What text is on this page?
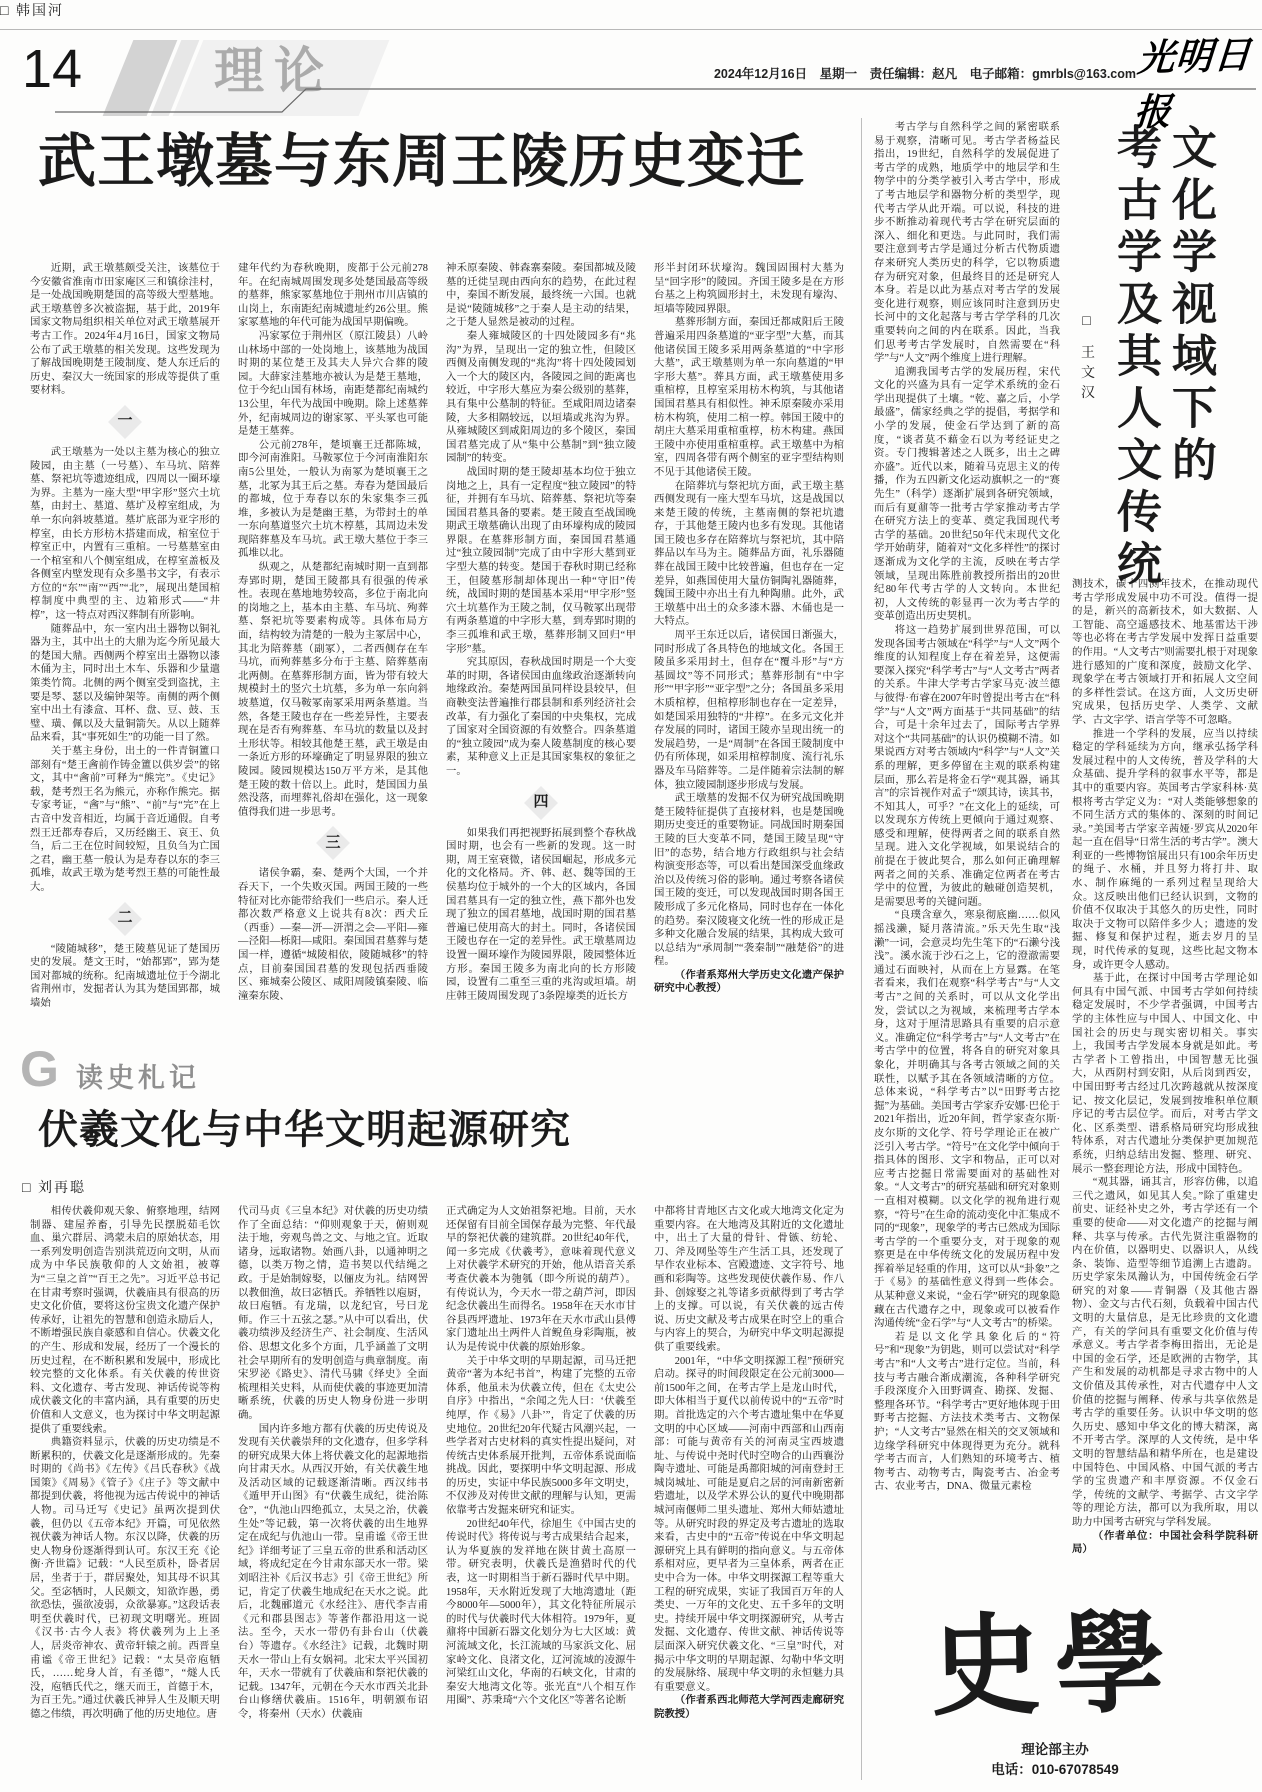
14	理论	2024年12月16日　星期一　责任编辑：赵凡　电子邮箱：gmrbls@163.com 光明日报
武王墩墓与东周王陵历史变迁
□ 韩国河

近期，武王墩墓颇受关注，该墓位于今安徽省淮南市田家庵区三和镇徐洼村，是一处战国晚期楚国的高等级大型墓地。武王墩墓曾多次被盗掘，基于此，2019年国家文物局组织相关单位对武王墩墓展开考古工作。2024年4月16日，国家文物局公布了武王墩墓的相关发现。这些发现为了解战国晚期楚王陵制度、楚人东迁后的历史、秦汉大一统国家的形成等提供了重要材料。

一

武王墩墓为一处以主墓为核心的独立陵园，由主墓（一号墓）、车马坑、陪葬墓、祭祀坑等遗迹组成，四周以一圈环壕为界。主墓为一座大型“甲字形”竖穴土坑墓，由封土、墓道、墓圹及椁室组成，为单一东向斜坡墓道。墓圹底部为亚字形的椁室，由长方形枋木搭建而成，棺室位于椁室正中，内置有三重棺。一号墓墓室由一个棺室和八个侧室组成，在椁室盖板及各侧室内壁发现有众多墨书文字，有表示方位的“东”“南”“西”“北”，展现出楚国棺椁制度中典型的主、边箱形式——“井椁”，这一特点对西汉葬制有所影响。

随葬品中，东一室内出土器物以铜礼器为主，其中出土的大鼎为迄今所见最大的楚国大鼎。西侧两个椁室出土器物以漆木俑为主，同时出土木车、乐器和少量遣策类竹简。北侧的两个侧室受到盗扰，主要是琴、瑟以及编钟架等。南侧的两个侧室中出土有漆盒、耳杯、盘、豆、鼓、玉璧、璜、佩以及大量铜箭矢。从以上随葬品来看，其“事死如生”的功能一目了然。

关于墓主身份，出土的一件青铜簠口部刻有“楚王酓前作铸金簠以供岁尝”的铭文，其中“酓前”可释为“熊完”。《史记》载，楚考烈王名为熊元，亦称作熊完。据专家考证，“酓”与“熊”、“前”与“完”在上古音中发音相近，均属于音近通假。自考烈王迁都寿春后，又历经幽王、哀王、负刍，后二王在位时间较短，且负刍为亡国之君，幽王墓一般认为是寿春以东的李三孤堆，故武王墩为楚考烈王墓的可能性最大。

二

“陵随城移”，楚王陵墓见证了楚国历史的发展。楚文王时，“始都郢”，郢为楚国对都城的统称。纪南城遗址位于今湖北省荆州市，发掘者认为其为楚国郢都，城墙始

建年代约为春秋晚期，废都于公元前278年。在纪南城周围发现多处楚国最高等级的墓葬，熊家冢墓地位于荆州市川店镇的山岗上，东南距纪南城遗址约26公里。熊家冢墓地的年代可能为战国早期偏晚。

冯家冢位于荆州区（原江陵县）八岭山林场中部的一处岗地上，该墓地为战国时期的某位楚王及其夫人异穴合葬的陵园。大薛家洼墓地亦被认为是楚王墓地，位于今纪山国有林场，南距楚都纪南城约13公里，年代为战国中晚期。除上述墓葬外，纪南城周边的谢家冢、平头冢也可能是楚王墓葬。

公元前278年，楚顷襄王迁都陈城，即今河南淮阳。马鞍冢位于今河南淮阳东南5公里处，一般认为南冢为楚顷襄王之墓，北冢为其王后之墓。寿春为楚国最后的都城，位于寿春以东的朱家集李三孤堆，多被认为是楚幽王墓，为带封土的单一东向墓道竖穴土坑木椁墓，其周边未发现陪葬墓及车马坑。武王墩大墓位于李三孤堆以北。

纵观之，从楚都纪南城时期一直到都寿郢时期，楚国王陵都具有很强的传承性。表现在墓地地势较高，多位于南北向的岗地之上，基本由主墓、车马坑、殉葬墓、祭祀坑等要素构成等。具体布局方面，结构较为清楚的一般为主冢居中心，其北为陪葬墓（副冢），二者西侧存在车马坑，而殉葬墓多分布于主墓、陪葬墓南北两侧。在墓葬形制方面，皆为带有较大规模封土的竖穴土坑墓，多为单一东向斜坡墓道，仅马鞍冢南冢采用两条墓道。当然，各楚王陵也存在一些差异性，主要表现在是否有殉葬墓、车马坑的数量以及封土形状等。相较其他楚王墓，武王墩是由一条近方形的环壕确定了明显界限的独立陵园。陵园规模达150万平方米，是其他楚王陵的数十倍以上。此时，楚国国力虽然没落，而埋葬礼俗却在强化，这一现象值得我们进一步思考。

三

诸侯争霸，秦、楚两个大国，一个并吞天下，一个失败灭国。两国王陵的一些特征对比亦能带给我们一些启示。秦人迁都次数严格意义上说共有8次：西犬丘（西垂）—秦—汧—汧渭之会—平阳—雍—泾阳—栎阳—咸阳。秦国国君墓葬与楚国一样，遵循“城陵相依，陵随城移”的特点，目前秦国国君墓的发现包括西垂陵区、雍城秦公陵区、咸阳周陵镇秦陵、临潼秦东陵、

神禾原秦陵、韩森寨秦陵。秦国都城及陵墓的迁徙呈现由西向东的趋势，在此过程中，秦国不断发展，最终统一六国。也就是说“陵随城移”之于秦人是主动的结果，之于楚人显然是被动的过程。

秦人雍城陵区的十四处陵园多有“兆沟”为界，呈现出一定的独立性，但陵区西侧及南侧发现的“兆沟”将十四处陵园划入一个大的陵区内，各陵园之间的距离也较近，中字形大墓应为秦公级别的墓葬，具有集中公墓制的特征。至咸阳周边诸秦陵，大多相隔较远，以垣墙或兆沟为界。从雍城陵区到咸阳周边的多个陵区，秦国国君墓完成了从“集中公墓制”到“独立陵园制”的转变。

战国时期的楚王陵却基本均位于独立岗地之上，具有一定程度“独立陵园”的特征，并拥有车马坑、陪葬墓、祭祀坑等秦国国君墓具备的要素。楚王陵直至战国晚期武王墩墓确认出现了由环壕构成的陵园界限。在墓葬形制方面，秦国国君墓通过“独立陵园制”完成了由中字形大墓到亚字型大墓的转变。楚国于春秋时期已经称王，但陵墓形制却体现出一种“守旧”传统，战国时期的楚国基本采用“甲字形”竖穴土坑墓作为王陵之制，仅马鞍冢出现带有两条墓道的中字形大墓，到寿郢时期的李三孤堆和武王墩，墓葬形制又回归“甲字形”墓。

究其原因，春秋战国时期是一个大变革的时期，各诸侯国由血缘政治逐渐转向地缘政治。秦楚两国虽同样设县较早，但商鞅变法普遍推行郡县制和系列经济社会改革，有力强化了秦国的中央集权，完成了国家对全国资源的有效整合。四条墓道的“独立陵园”成为秦人陵墓制度的核心要素，某种意义上正是其国家集权的象征之一。

四

如果我们再把视野拓展到整个春秋战国时期，也会有一些新的发现。这一时期，周王室衰微，诸侯国崛起，形成多元化的文化格局。齐、韩、赵、魏等国的王侯墓均位于城外的一个大的区域内，各国国君墓具有一定的独立性，燕下都外也发现了独立的国君墓地，战国时期的国君墓普遍已使用高大的封土。同时，各诸侯国王陵也存在一定的差异性。武王墩墓周边设置一圈环壕作为陵园界限，陵园整体近方形。秦国王陵多为南北向的长方形陵园，设置有二重至三重的兆沟或垣墙。胡庄韩王陵周围发现了3条隍壕类的近长方

形半封闭环状壕沟。魏国固围村大墓为呈“回字形”的陵园。齐国王陵多是在方形台基之上构筑圆形封土，未发现有壕沟、垣墙等陵园界限。

墓葬形制方面，秦国迁都咸阳后王陵普遍采用四条墓道的“亚字型”大墓，而其他诸侯国王陵多采用两条墓道的“中字形大墓”，武王墩墓则为单一东向墓道的“甲字形大墓”。葬具方面，武王墩墓使用多重棺椁，且椁室采用枋木构筑，与其他诸国国君墓具有相似性。神禾原秦陵亦采用枋木构筑，使用二棺一椁。韩国王陵中的胡庄大墓采用重棺重椁，枋木构建。燕国王陵中亦使用重棺重椁。武王墩墓中为棺室，四周各带有两个侧室的亚字型结构则不见于其他诸侯王陵。

在陪葬坑与祭祀坑方面，武王墩主墓西侧发现有一座大型车马坑，这是战国以来楚王陵的传统，主墓南侧的祭祀坑遗存，于其他楚王陵内也多有发现。其他诸国王陵也多存在陪葬坑与祭祀坑，其中陪葬品以车马为主。随葬品方面，礼乐器随葬在战国王陵中比较普遍，但也存在一定差异，如燕国使用大量仿铜陶礼器随葬，魏国王陵中亦出土有九种陶鼎。此外，武王墩墓中出土的众多漆木器、木俑也是一大特点。

周平王东迁以后，诸侯国日渐强大，同时形成了各具特色的地域文化。各国王陵虽多采用封土，但存在“覆斗形”与“方基圆坟”等不同形式；墓葬形制有“中字形”“甲字形”“亚字型”之分；各国虽多采用木质棺椁，但棺椁形制也存在一定差异，如楚国采用独特的“井椁”。在多元文化并存发展的同时，诸国王陵亦呈现出统一的发展趋势，一是“周制”在各国王陵制度中仍有所体现，如采用棺椁制度、流行礼乐器及车马陪葬等。二是伴随着宗法制的解体，独立陵园制逐步形成与发展。

武王墩墓的发掘不仅为研究战国晚期楚王陵特征提供了直接材料，也是楚国晚期历史变迁的重要物证。同战国时期秦国王陵的巨大变革不同，楚国王陵呈现“守旧”的态势，结合地方行政组织与社会结构演变形态等，可以看出楚国深受血缘政治以及传统习俗的影响。通过考察各诸侯国王陵的变迁，可以发现战国时期各国王陵形成了多元化格局，同时也存在一体化的趋势。秦汉陵寝文化统一性的形成正是多种文化融合发展的结果，其构成大致可以总结为“承周制”“袭秦制”“融楚俗”的进程。

（作者系郑州大学历史文化遗产保护研究中心教授）

文化学视域下的
考古学及其人文传统
□ 王文汉

考古学与自然科学之间的紧密联系易于观察，清晰可见。考古学者杨益民指出，19世纪，自然科学的发展促进了考古学的成熟，地质学中的地层学和生物学中的分类学被引入考古学中，形成了考古地层学和器物分析的类型学，现代考古学从此开端。可以说，科技的进步不断推动着现代考古学在研究层面的深入、细化和更迭。与此同时，我们需要注意到考古学是通过分析古代物质遗存来研究人类历史的科学，它以物质遗存为研究对象，但最终目的还是研究人本身。若是以此为基点对考古学的发展变化进行观察，则应该同时注意到历史长河中的文化起落与考古学学科的几次重要转向之间的内在联系。因此，当我们思考考古学发展时，自然需要在“科学”与“人文”两个维度上进行理解。

追溯我国考古学的发展历程，宋代文化的兴盛为具有一定学术系统的金石学出现提供了土壤。“乾、嘉之后，小学最盛”，儒家经典之学的提倡，考据学和小学的发展，使金石学达到了新的高度，“谈者莫不藉金石以为考经证史之资。专门搜辑著述之人既多，出土之碑亦盛”。近代以来，随着马克思主义的传播，作为五四新文化运动旗帜之一的“赛先生”（科学）逐渐扩展到各研究领域，而后有夏鼐等一批考古学家推动考古学在研究方法上的变革、奠定我国现代考古学的基础。20世纪50年代末现代文化学开始萌芽，随着对“文化多样性”的探讨逐渐成为文化学的主流，反映在考古学领域，呈现出陈胜前教授所指出的20世纪80年代考古学的人文转向。本世纪初，人文传统的彰显再一次为考古学的变革创造出历史契机。

将这一趋势扩展到世界范围，可以发现各国考古领域在“科学”与“人文”两个维度的认知程度上存在着差异，这便需要深入探究“科学考古”与“人文考古”两者的关系。牛津大学考古学家马克·波兰德与彼得·布睿在2007年时曾提出考古在“科学”与“人文”两方面基于“共同基础”的结合，可是十余年过去了，国际考古学界对这个“共同基础”的认识仍模糊不清。如果说西方对考古领域内“科学”与“人文”关系的理解，更多停留在主观的联系构建层面，那么若是将金石学“观其器，诵其言”的宗旨视作对孟子“颂其诗，读其书，不知其人，可乎？”在文化上的延续，可以发现东方传统上更倾向于通过观察、感受和理解，使得两者之间的联系自然呈现。进入文化学视域，如果说结合的前提在于彼此契合，那么如何正确理解两者之间的关系、准确定位两者在考古学中的位置，为彼此的触碰创造契机，是需要思考的关键问题。

“良璞含章久，寒泉彻底幽……似风摇浅濑，疑月落清流。”乐天先生取“浅濑”一词，会意灵均先生笔下的“石濑兮浅浅”。溪水流于沙石之上，它的澄澈需要通过石面映衬，从而在上方显露。在笔者看来，我们在观察“科学考古”与“人文考古”之间的关系时，可以从文化学出发，尝试以之为视域，来梳理考古学本身，这对于厘清思路具有重要的启示意义。准确定位“科学考古”与“人文考古”在考古学中的位置，将各自的研究对象具象化，并明确其与各考古领域之间的关联性，以赋予其在各领域清晰的方位。总体来说，“科学考古”以“田野考古挖掘”为基础。美国考古学家乔安娜·巴伦于2021年指出，近20年间，哲学家查尔斯·皮尔斯的文化学、符号学理论正在被广泛引入考古学。“符号”在文化学中倾向于指具体的图形、文字和物品，正可以对应考古挖掘日常需要面对的基础性对象。“人文考古”的研究基础和研究对象则一直相对模糊。以文化学的视角进行观察，“符号”在生命的流动变化中汇集成不同的“现象”，现象学的考古已然成为国际考古学的一个重要分支，对于现象的观察更是在中华传统文化的发展历程中发挥着举足轻重的作用，这可以从“卦象”之于《易》的基础性意义得到一些体会。从某种意义来说，“金石学”研究的现象隐藏在古代遗存之中，现象或可以被看作沟通传统“金石学”与“人文考古”的桥梁。

若是以文化学具象化后的“符号”和“现象”为钥匙，则可以尝试对“科学考古”和“人文考古”进行定位。当前，科技与考古融合渐成潮流，各种科学研究手段深度介入田野调查、勘探、发掘、整理各环节。“科学考古”更好地体现于田野考古挖掘、方法技术类考古、文物保护；“人文考古”显然在相关的交叉领域和边缘学科研究中体现得更为充分。就科学考古而言，人们熟知的环境考古、植物考古、动物考古，陶瓷考古、冶金考古、农业考古，DNA、微量元素检

测技术，碳十四测年技术，在推动现代考古学形成发展中功不可没。值得一提的是，新兴的高新技术，如大数据、人工智能、高空遥感技术、地基雷达干涉等也必将在考古学发展中发挥日益重要的作用。“人文考古”则需要扎根于对现象进行感知的广度和深度，鼓励文化学、现象学在考古领域打开和拓展人文空间的多样性尝试。在这方面，人文历史研究成果，包括历史学、人类学、文献学、古文字学、语言学等不可忽略。

推进一个学科的发展，应当以持续稳定的学科延续为方向，继承弘扬学科发展过程中的人文传统，普及学科的大众基础、提升学科的叙事水平等，都是其中的重要内容。英国考古学家科林·莫根将考古学定义为：“对人类能够想象的不同生活方式的集体的、深刻的时间记录。”美国考古学家辛茜娅·罗宾从2020年起一直在倡导“日常生活的考古学”。澳大利亚的一些博物馆展出只有100余年历史的绳子、水桶，并且努力将打井、取水、制作麻绳的一系列过程呈现给大众。这反映出他们已经认识到，文物的价值不仅取决于其悠久的历史性，同时取决于文物可以陪伴多少人；遗迹的发掘、修复和保护过程，逝去岁月的呈现，时代传承的复现，这些比起文物本身，或许更令人感动。

基于此，在探讨中国考古学理论如何具有中国气派、中国考古学如何持续稳定发展时，不少学者强调，中国考古学的主体性应与中国人、中国文化、中国社会的历史与现实密切相关。事实上，我国考古学发展本身就是如此。考古学者卜工曾指出，中国智慧无比强大，从西阴村到安阳，从后岗到西安，中国田野考古经过几次跨越就从按深度记、按文化层记，发展到按堆积单位顺序记的考古层位学。而后，对考古学文化、区系类型、谱系格局研究均形成独特体系，对古代遗址分类保护更加规范系统，归纳总结出发掘、整理、研究、展示一整套理论方法，形成中国特色。

“观其器，诵其言，形容仿佛，以追三代之遗风，如见其人矣。”除了重建史前史、证经补史之外，考古学还有一个重要的使命——对文化遗产的挖掘与阐释、共享与传承。古代先贤注重器物的内在价值，以器明史、以器识人，从线条、装饰、造型等细节追溯上古遗韵。历史学家朱凤瀚认为，中国传统金石学研究的对象——青铜器（及其他古器物）、金文与古代石刻，负载着中国古代文明的大量信息，是无比珍贵的文化遗产，有关的学问具有重要文化价值与传承意义。考古学者李梅田指出，无论是中国的金石学，还是欧洲的古物学，其产生和发展的动机都是寻求古物中的人文价值及其传承性，对古代遗存中人文价值的挖掘与阐释、传承与共享依然是考古学的重要任务。认识中华文明的悠久历史、感知中华文化的博大精深，离不开考古学。深厚的人文传统，是中华文明的智慧结晶和精华所在，也是建设中国特色、中国风格、中国气派的考古学的宝贵遗产和丰厚资源。不仅金石学，传统的文献学、考据学、古文字学等的理论方法，都可以为我所取，用以助力中国考古研究与学科发展。

（作者单位：中国社会科学院科研局）

G 读史札记
伏羲文化与中华文明起源研究
□ 刘再聪

相传伏羲仰观天象、俯察地理，结网制器、建屋养畜，引导先民摆脱茹毛饮血、巢穴群居、鸿蒙未启的原始状态，用一系列发明创造告别洪荒迈向文明，从而成为中华民族敬仰的人文始祖，被尊为“三皇之首”“百王之先”。习近平总书记在甘肃考察时强调，伏羲庙具有很高的历史文化价值，要将这份宝贵文化遗产保护传承好，让祖先的智慧和创造永励后人，不断增强民族自豪感和自信心。伏羲文化的产生、形成和发展，经历了一个漫长的历史过程，在不断积累和发展中，形成比较完整的文化体系。有关伏羲的传世资料、文化遗存、考古发现、神话传说等构成伏羲文化的丰富内涵，具有重要的历史价值和人文意义，也为探讨中华文明起源提供了重要线索。

典籍资料显示，伏羲的历史功绩是不断累积的，伏羲文化是逐渐形成的。先秦时期的《尚书》《左传》《吕氏春秋》《战国策》《周易》《管子》《庄子》等文献中都提到伏羲，将他视为远古传说中的神话人物。司马迁写《史记》虽两次提到伏羲，但仍以《五帝本纪》开篇，可见依然视伏羲为神话人物。东汉以降，伏羲的历史人物身份逐渐得到认可。东汉王充《论衡·齐世篇》记载：“人民至质朴，卧者居居，坐者于于，群居聚处，知其母不识其父。至宓牺时，人民颇文，知欲诈愚，勇欲恐怯，强欲凌弱，众欲暴寡。”这段话表明至伏羲时代，已初现文明曙光。班固《汉书·古今人表》将伏羲列为上上圣人，居炎帝神农、黄帝轩辕之前。西晋皇甫谧《帝王世纪》记载：“太昊帝庖牺氏，……蛇身人首，有圣德”，“燧人氏没，庖牺氏代之，继天而王，首德于木，为百王先。”通过伏羲氏神异人生及顺天明德之伟绩，再次明确了他的历史地位。唐

代司马贞《三皇本纪》对伏羲的历史功绩作了全面总结：“仰则观象于天，俯则观法于地，旁观鸟兽之文、与地之宜。近取诸身，远取诸物。始画八卦，以通神明之德，以类万物之情，造书契以代结绳之政。于是始制嫁娶，以俪皮为礼。结网罟以教佃渔，故曰宓牺氏。养牺牲以庖厨，故曰庖牺。有龙瑞，以龙纪官，号曰龙师。作三十五弦之瑟。”从中可以看出，伏羲功绩涉及经济生产、社会制度、生活风俗、思想文化多个方面，几乎涵盖了文明社会早期所有的发明创造与典章制度。南宋罗泌《路史》、清代马骕《绎史》全面梳理相关史料，从而使伏羲的事迹更加清晰系统，伏羲的历史人物身份进一步明确。

国内许多地方都有伏羲的历史传说及发现有关伏羲崇拜的文化遗存，但多学科的研究成果大体上将伏羲文化的起源地指向甘肃天水。从西汉开始，有关伏羲生地及活动区域的记载逐渐清晰。西汉纬书《遁甲开山图》有“伏羲生成纪，徙治陈仓”，“仇池山四绝孤立，太昊之治，伏羲生处”等记载，第一次将伏羲的出生地界定在成纪与仇池山一带。皇甫谧《帝王世纪》详细考证了三皇五帝的世系和活动区域，将成纪定在今甘肃东部天水一带。梁刘昭注补《后汉书志》引《帝王世纪》所记，肯定了伏羲生地成纪在天水之说。此后，北魏郦道元《水经注》、唐代李吉甫《元和郡县图志》等著作都沿用这一说法。至今，天水一带仍有卦台山（伏羲台）等遗存。《水经注》记载，北魏时期天水一带山上有女娲祠。北宋太平兴国初年，天水一带就有了伏羲庙和祭祀伏羲的记载。1347年，元朝在今天水市西关北卦台山修缮伏羲庙。1516年，明朝颁布诏令，将秦州（天水）伏羲庙

正式确定为人文始祖祭祀地。目前，天水还保留有目前全国保存最为完整、年代最早的祭祀伏羲的建筑群。20世纪40年代，闻一多完成《伏羲考》，意味着现代意义上对伏羲学术研究的开始，他从语音关系考查伏羲本为匏瓠（即今所说的葫芦）。有传说认为，今天水一带之葫芦河，即因纪念伏羲出生而得名。1958年在天水市甘谷县西坪遗址、1973年在天水市武山县傅家门遗址出土两件人首鲵鱼身彩陶瓶，被认为是传说中伏羲的原始形象。

关于中华文明的早期起源，司马迁把黄帝“著为本纪书首”，构建了完整的五帝体系，他虽未为伏羲立传，但在《太史公自序》中指出，“余闻之先人曰：‘伏羲至纯厚，作《易》八卦’”，肯定了伏羲的历史地位。20世纪20年代疑古风潮兴起，一些学者对古史材料的真实性提出疑问，对传统古史体系展开批判，五帝体系说面临挑战。因此，要探明中华文明起源、形成的历史，实证中华民族5000多年文明史，不仅涉及对传世文献的理解与认知，更需依靠考古发掘来研究和证实。

20世纪40年代，徐旭生《中国古史的传说时代》将传说与考古成果结合起来，认为华夏族的发祥地在陕甘黄土高原一带。研究表明，伏羲氏是渔猎时代的代表，这一时期相当于新石器时代早中期。1958年，天水附近发现了大地湾遗址（距今8000年—5000年），其文化特征所展示的时代与伏羲时代大体相符。1979年，夏鼐将中国新石器文化划分为七大区域：黄河流域文化，长江流域的马家浜文化、屈家岭文化、良渚文化，辽河流域的凌源牛河梁红山文化，华南的石峡文化，甘肃的秦安大地湾文化等。张光直“八个相互作用圈”、苏秉琦“六个文化区”等著名论断

中都将甘青地区古文化或大地湾文化定为重要内容。在大地湾及其附近的文化遗址中，出土了大量的骨针、骨镞、纺轮、刀、斧及网坠等生产生活工具，还发现了早作农业标本、宫殿遗迹、文字符号、地画和彩陶等。这些发现使伏羲作易、作八卦、创嫁娶之礼等诸多贡献得到了考古学上的支撑。可以说，有关伏羲的远古传说、历史文献及考古成果在时空上的重合与内容上的契合，为研究中华文明起源提供了重要线索。

2001年，“中华文明探源工程”预研究启动。探寻的时间段限定在公元前3000—前1500年之间，在考古学上是龙山时代，即大体相当于夏代以前传说中的“五帝”时期。首批选定的六个考古遗址集中在华夏文明的中心区域——河南中西部和山西南部：可能与黄帝有关的河南灵宝西坡遗址、与传说中尧时代时空吻合的山西襄汾陶寺遗址、可能是禹都阳城的河南登封王城岗城址、可能是夏启之居的河南新密新砦遗址，以及学术界公认的夏代中晚期都城河南偃师二里头遗址、郑州大师姑遗址等。从研究时段的界定及考古遗址的选取来看，古史中的“五帝”传说在中华文明起源研究上具有鲜明的指向意义。与五帝体系相对应，更早者为三皇体系，两者在正史中合为一体。中华文明探源工程等重大工程的研究成果，实证了我国百万年的人类史、一万年的文化史、五千多年的文明史。持续开展中华文明探源研究，从考古发掘、文化遗存、传世文献、神话传说等层面深入研究伏羲文化、“三皇”时代，对揭示中华文明的早期起源、勾勒中华文明的发展脉络、展现中华文明的永恒魅力具有重要意义。

（作者系西北师范大学河西走廊研究院教授）	史學
理论部主办
电话：010-67078549
